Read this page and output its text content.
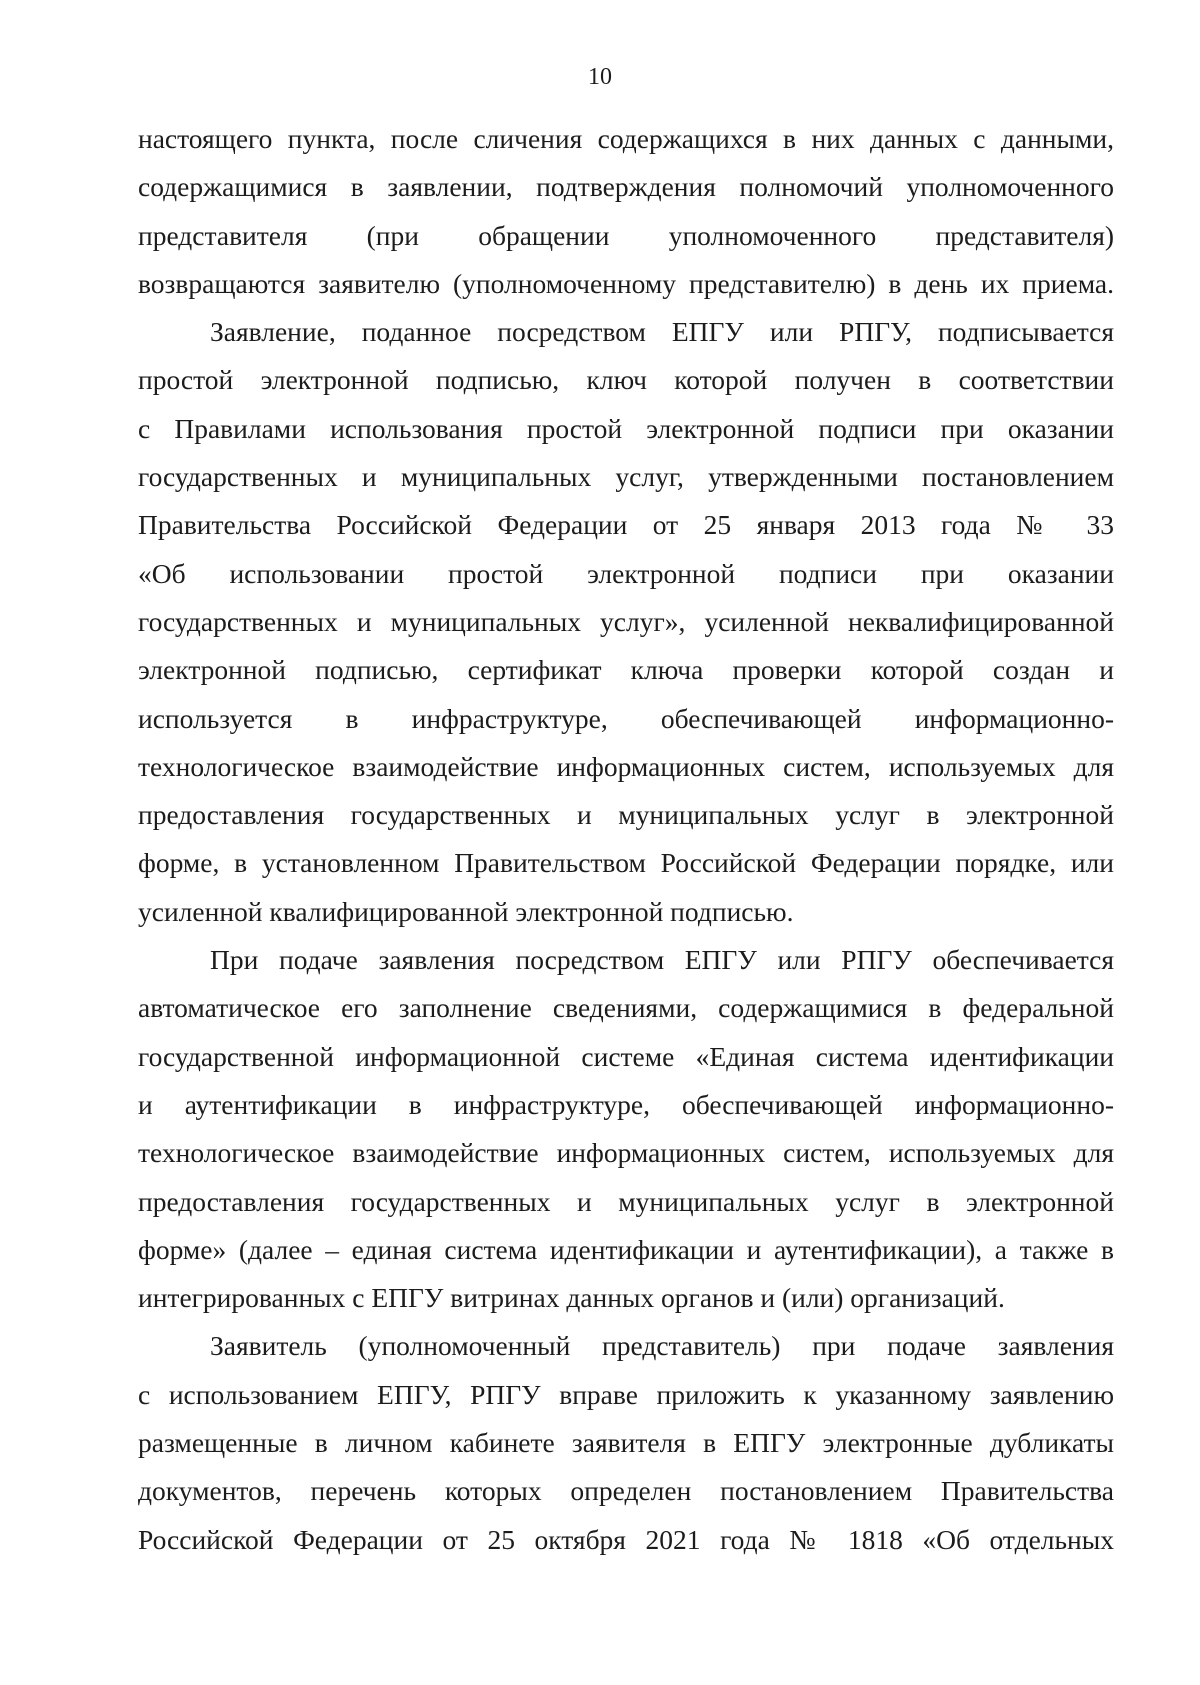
10
настоящего пункта, после сличения содержащихся в них данных с данными,
содержащимися в заявлении, подтверждения полномочий уполномоченного
представителя (при обращении уполномоченного представителя)
возвращаются заявителю (уполномоченному представителю) в день их приема.
Заявление, поданное посредством ЕПГУ или РПГУ, подписывается
простой электронной подписью, ключ которой получен в соответствии
с Правилами использования простой электронной подписи при оказании
государственных и муниципальных услуг, утвержденными постановлением
Правительства Российской Федерации от 25 января 2013 года № 33
«Об использовании простой электронной подписи при оказании
государственных и муниципальных услуг», усиленной неквалифицированной
электронной подписью, сертификат ключа проверки которой создан и
используется в инфраструктуре, обеспечивающей информационно-
технологическое взаимодействие информационных систем, используемых для
предоставления государственных и муниципальных услуг в электронной
форме, в установленном Правительством Российской Федерации порядке, или
усиленной квалифицированной электронной подписью.
При подаче заявления посредством ЕПГУ или РПГУ обеспечивается
автоматическое его заполнение сведениями, содержащимися в федеральной
государственной информационной системе «Единая система идентификации
и аутентификации в инфраструктуре, обеспечивающей информационно-
технологическое взаимодействие информационных систем, используемых для
предоставления государственных и муниципальных услуг в электронной
форме» (далее – единая система идентификации и аутентификации), а также в
интегрированных с ЕПГУ витринах данных органов и (или) организаций.
Заявитель (уполномоченный представитель) при подаче заявления
с использованием ЕПГУ, РПГУ вправе приложить к указанному заявлению
размещенные в личном кабинете заявителя в ЕПГУ электронные дубликаты
документов, перечень которых определен постановлением Правительства
Российской Федерации от 25 октября 2021 года № 1818 «Об отдельных
